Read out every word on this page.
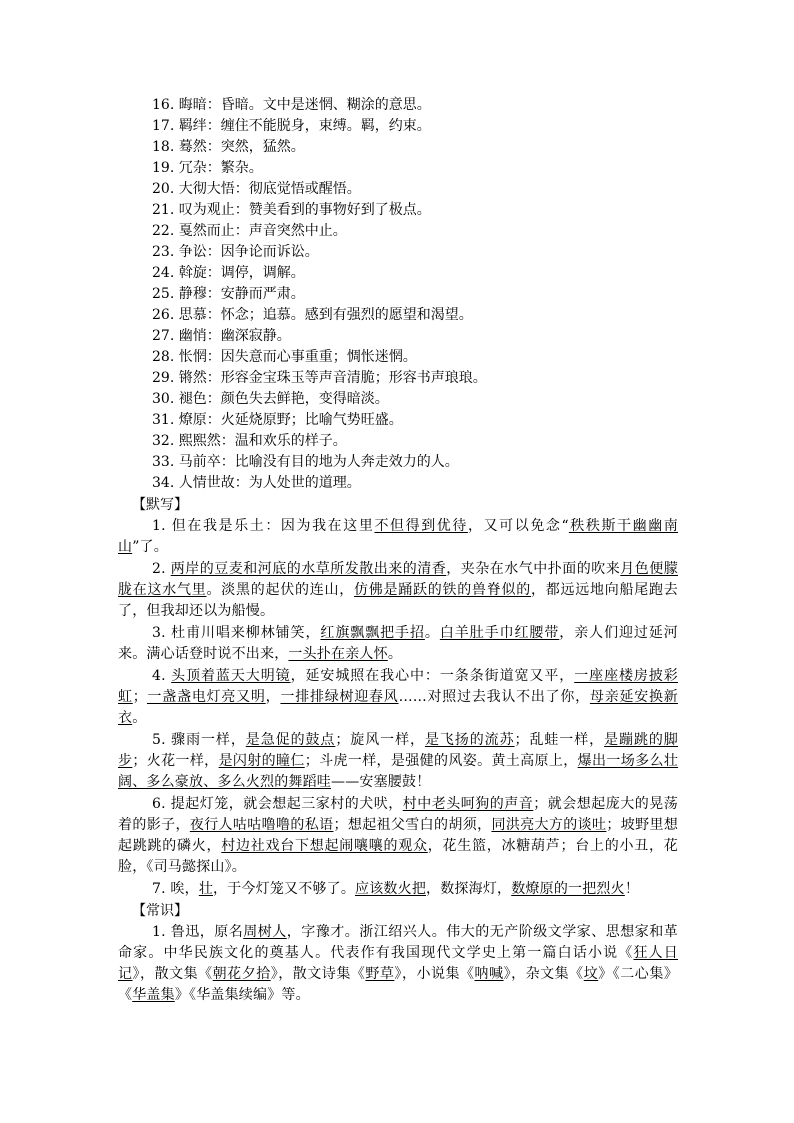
16. 晦暗：昏暗。文中是迷惘、糊涂的意思。
17. 羁绊：缠住不能脱身，束缚。羁，约束。
18. 蓦然：突然，猛然。
19. 冗杂：繁杂。
20. 大彻大悟：彻底觉悟或醒悟。
21. 叹为观止：赞美看到的事物好到了极点。
22. 戛然而止：声音突然中止。
23. 争讼：因争论而诉讼。
24. 斡旋：调停，调解。
25. 静穆：安静而严肃。
26. 思慕：怀念；追慕。感到有强烈的愿望和渴望。
27. 幽悄：幽深寂静。
28. 怅惘：因失意而心事重重；惆怅迷惘。
29. 锵然：形容金宝珠玉等声音清脆；形容书声琅琅。
30. 褪色：颜色失去鲜艳，变得暗淡。
31. 燎原：火延烧原野；比喻气势旺盛。
32. 熙熙然：温和欢乐的样子。
33. 马前卒：比喻没有目的地为人奔走效力的人。
34. 人情世故：为人处世的道理。
【默写】

1. 但在我是乐土：因为我在这里不但得到优待，又可以免念“秩秩斯干幽幽南山”了。

2. 两岸的豆麦和河底的水草所发散出来的清香，夹杂在水气中扑面的吹来月色便朦胧在这水气里。淡黑的起伏的连山，仿佛是踊跃的铁的兽脊似的，都远远地向船尾跑去了，但我却还以为船慢。

3. 杜甫川唱来柳林铺笑，红旗飘飘把手招。白羊肚手巾红腰带，亲人们迎过延河来。满心话登时说不出来，一头扑在亲人怀。

4. 头顶着蓝天大明镜，延安城照在我心中：一条条街道宽又平，一座座楼房披彩虹；一盏盏电灯亮又明，一排排绿树迎春风……对照过去我认不出了你，母亲延安换新衣。

5. 骤雨一样，是急促的鼓点；旋风一样，是飞扬的流苏；乱蛙一样，是蹦跳的脚步；火花一样，是闪射的瞳仁；斗虎一样，是强健的风姿。黄土高原上，爆出一场多么壮阔、多么豪放、多么火烈的舞蹈哇——安塞腰鼓！

6. 提起灯笼，就会想起三家村的犬吠，村中老头呵狗的声音；就会想起庞大的晃荡着的影子，夜行人咕咕噜噜的私语；想起祖父雪白的胡须，同洪亮大方的谈吐；坡野里想起跳跳的磷火，村边社戏台下想起闹嚷嚷的观众，花生篮，冰糖葫芦；台上的小丑，花脸，《司马懿探山》。

7. 唉，壮，于今灯笼又不够了。应该数火把，数探海灯，数燎原的一把烈火！

【常识】

1. 鲁迅，原名周树人，字豫才。浙江绍兴人。伟大的无产阶级文学家、思想家和革命家。中华民族文化的奠基人。代表作有我国现代文学史上第一篇白话小说《狂人日记》，散文集《朝花夕拾》，散文诗集《野草》，小说集《呐喊》，杂文集《坟》《二心集》《华盖集》《华盖集续编》等。
